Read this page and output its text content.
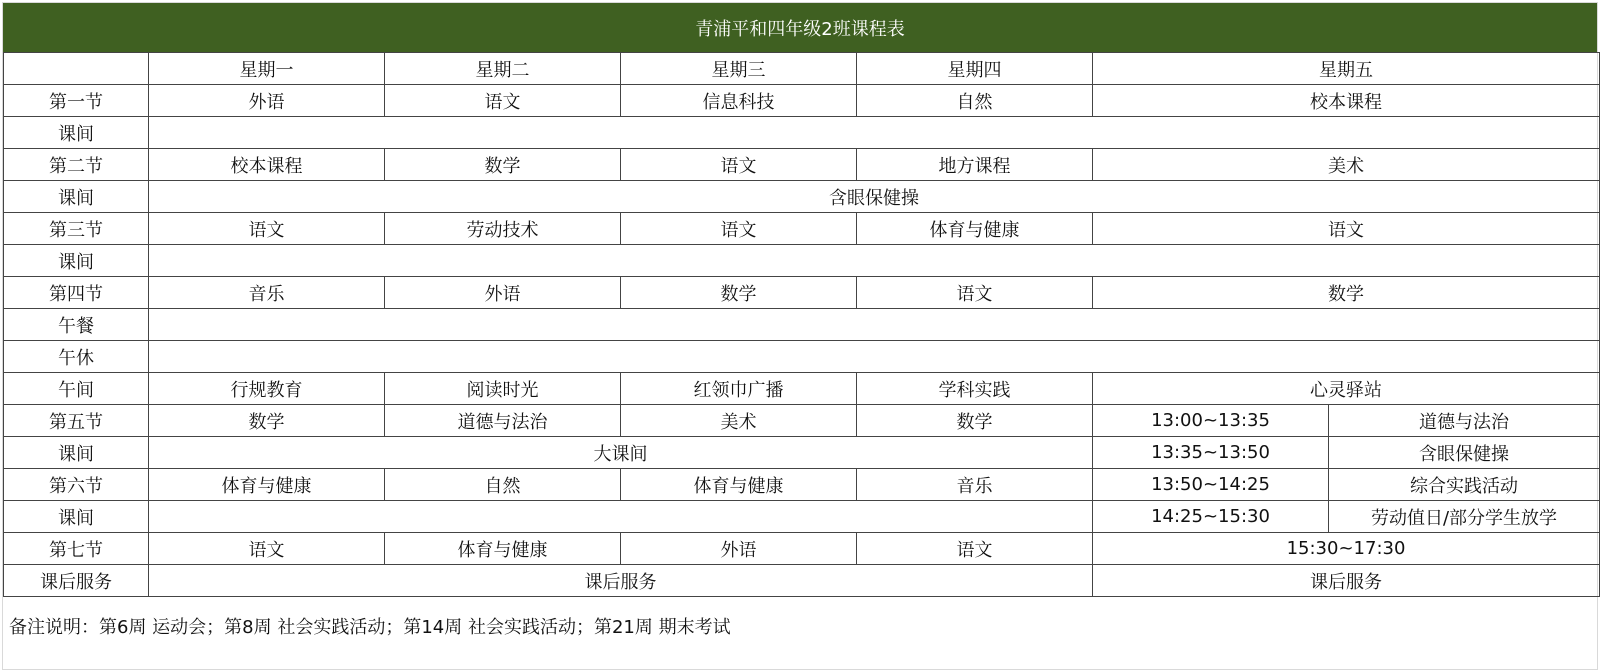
青浦平和四年级2班课程表
	星期一	星期二	星期三	星期四	星期五	
第一节	外语	语文	信息科技	自然	校本课程	
课间						
第二节	校本课程	数学	语文	地方课程	美术	
课间	含眼保健操					
第三节	语文	劳动技术	语文	体育与健康	语文	
课间						
第四节	音乐	外语	数学	语文	数学	
午餐						
午休						
午间	行规教育	阅读时光	红领巾广播	学科实践	心灵驿站	
第五节	数学	道德与法治	美术	数学	13:00~13:35	道德与法治
课间	大课间				13:35~13:50	含眼保健操
第六节	体育与健康	自然	体育与健康	音乐	13:50~14:25	综合实践活动
课间					14:25~15:30	劳动值日/部分学生放学
第七节	语文	体育与健康	外语	语文	15:30~17:30	
课后服务	课后服务				课后服务	
备注说明：第6周 运动会；第8周 社会实践活动；第14周 社会实践活动；第21周 期末考试
